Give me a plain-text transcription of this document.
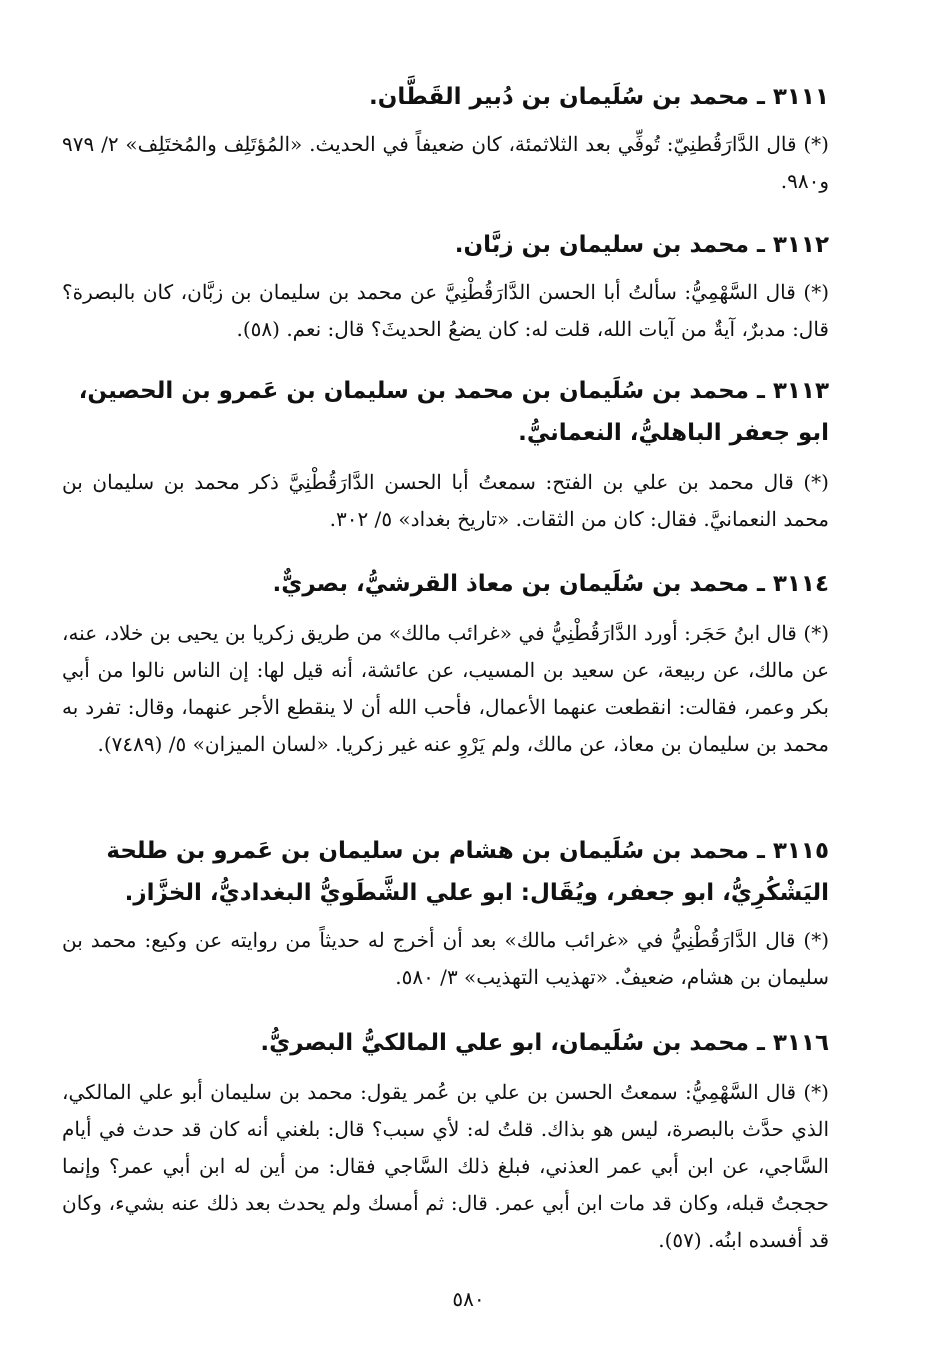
٣١١١ ـ محمد بن سُلَيمان بن دُبير القَطَّان.

(*) قال الدَّارَقُطنِيّ: تُوفِّي بعد الثلاثمئة، كان ضعيفاً في الحديث. «المُؤتَلِف والمُختَلِف» ٢/ ٩٧٩ و٩٨٠.

٣١١٢ ـ محمد بن سليمان بن زبَّان.

(*) قال السَّهْمِيُّ: سألتُ أبا الحسن الدَّارَقُطْنِيَّ عن محمد بن سليمان بن زبَّان، كان بالبصرة؟ قال: مدبرٌ، آيةٌ من آيات الله، قلت له: كان يضعُ الحديثَ؟ قال: نعم. (٥٨).

٣١١٣ ـ محمد بن سُلَيمان بن محمد بن سليمان بن عَمرو بن الحصين، ابو جعفر الباهليُّ، النعمانيُّ.

(*) قال محمد بن علي بن الفتح: سمعتُ أبا الحسن الدَّارَقُطْنِيَّ ذكر محمد بن سليمان بن محمد النعمانيَّ. فقال: كان من الثقات. «تاريخ بغداد» ٥/ ٣٠٢.

٣١١٤ ـ محمد بن سُلَيمان بن معاذ القرشيُّ، بصريٌّ.

(*) قال ابنُ حَجَر: أورد الدَّارَقُطْنِيُّ في «غرائب مالك» من طريق زكريا بن يحيى بن خلاد، عنه، عن مالك، عن ربيعة، عن سعيد بن المسيب، عن عائشة، أنه قيل لها: إن الناس نالوا من أبي بكر وعمر، فقالت: انقطعت عنهما الأعمال، فأحب الله أن لا ينقطع الأجر عنهما، وقال: تفرد به محمد بن سليمان بن معاذ، عن مالك، ولم يَرْوِ عنه غير زكريا. «لسان الميزان» ٥/ (٧٤٨٩).

٣١١٥ ـ محمد بن سُلَيمان بن هشام بن سليمان بن عَمرو بن طلحة اليَشْكُرِيُّ، ابو جعفر، ويُقَال: ابو علي الشَّطَويُّ البغداديُّ، الخزَّاز.

(*) قال الدَّارَقُطْنِيُّ في «غرائب مالك» بعد أن أخرج له حديثاً من روايته عن وكيع: محمد بن سليمان بن هشام، ضعيفٌ. «تهذيب التهذيب» ٣/ ٥٨٠.

٣١١٦ ـ محمد بن سُلَيمان، ابو علي المالكيُّ البصريُّ.

(*) قال السَّهْمِيُّ: سمعتُ الحسن بن علي بن عُمر يقول: محمد بن سليمان أبو علي المالكي، الذي حدَّث بالبصرة، ليس هو بذاك. قلتُ له: لأي سبب؟ قال: بلغني أنه كان قد حدث في أيام السَّاجي، عن ابن أبي عمر العذني، فبلغ ذلك السَّاجي فقال: من أين له ابن أبي عمر؟ وإنما حججتُ قبله، وكان قد مات ابن أبي عمر. قال: ثم أمسك ولم يحدث بعد ذلك عنه بشيء، وكان قد أفسده ابنُه. (٥٧).

٥٨٠
